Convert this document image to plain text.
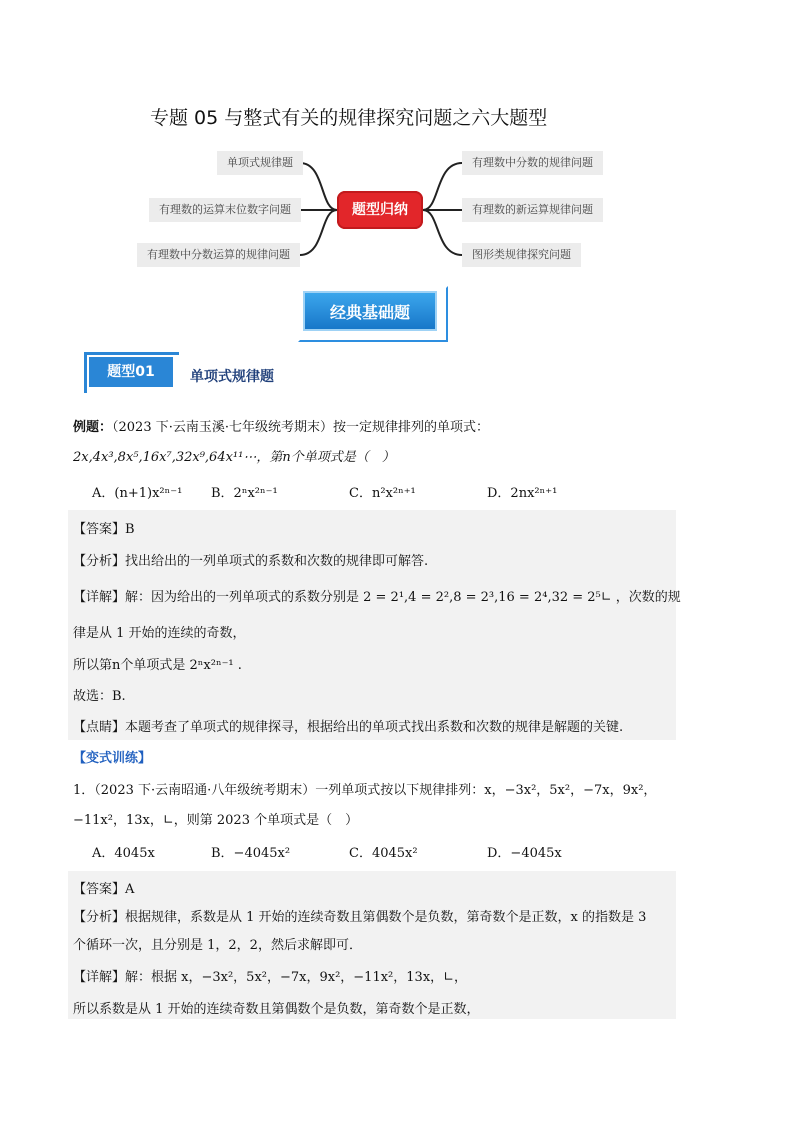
专题 05 与整式有关的规律探究问题之六大题型
单项式规律题
有理数的运算末位数字问题
有理数中分数运算的规律问题
题型归纳
有理数中分数的规律问题
有理数的新运算规律问题
图形类规律探究问题
经典基础题
题型01	单项式规律题
例题：（2023 下·云南玉溪·七年级统考期末）按一定规律排列的单项式：
2x,4x³,8x⁵,16x⁷,32x⁹,64x¹¹⋯，第n个单项式是（　）
A．(n+1)x²ⁿ⁻¹ B．2ⁿx²ⁿ⁻¹	C．n²x²ⁿ⁺¹	D．2nx²ⁿ⁺¹
【答案】B
【分析】找出给出的一列单项式的系数和次数的规律即可解答.
【详解】解：因为给出的一列单项式的系数分别是 2 = 2¹,4 = 2²,8 = 2³,16 = 2⁴,32 = 2⁵∟ ，次数的规
律是从 1 开始的连续的奇数，
所以第n个单项式是 2ⁿx²ⁿ⁻¹ .
故选：B.
【点睛】本题考查了单项式的规律探寻，根据给出的单项式找出系数和次数的规律是解题的关键.
【变式训练】
1．（2023 下·云南昭通·八年级统考期末）一列单项式按以下规律排列：x，−3x²，5x²，−7x，9x²，
−11x²，13x，∟，则第 2023 个单项式是（　）
A．4045x	B．−4045x²	C．4045x²	D．−4045x
【答案】A
【分析】根据规律，系数是从 1 开始的连续奇数且第偶数个是负数，第奇数个是正数，x 的指数是 3
个循环一次，且分别是 1，2，2，然后求解即可．
【详解】解：根据 x，−3x²，5x²，−7x，9x²，−11x²，13x，∟，
所以系数是从 1 开始的连续奇数且第偶数个是负数，第奇数个是正数，
